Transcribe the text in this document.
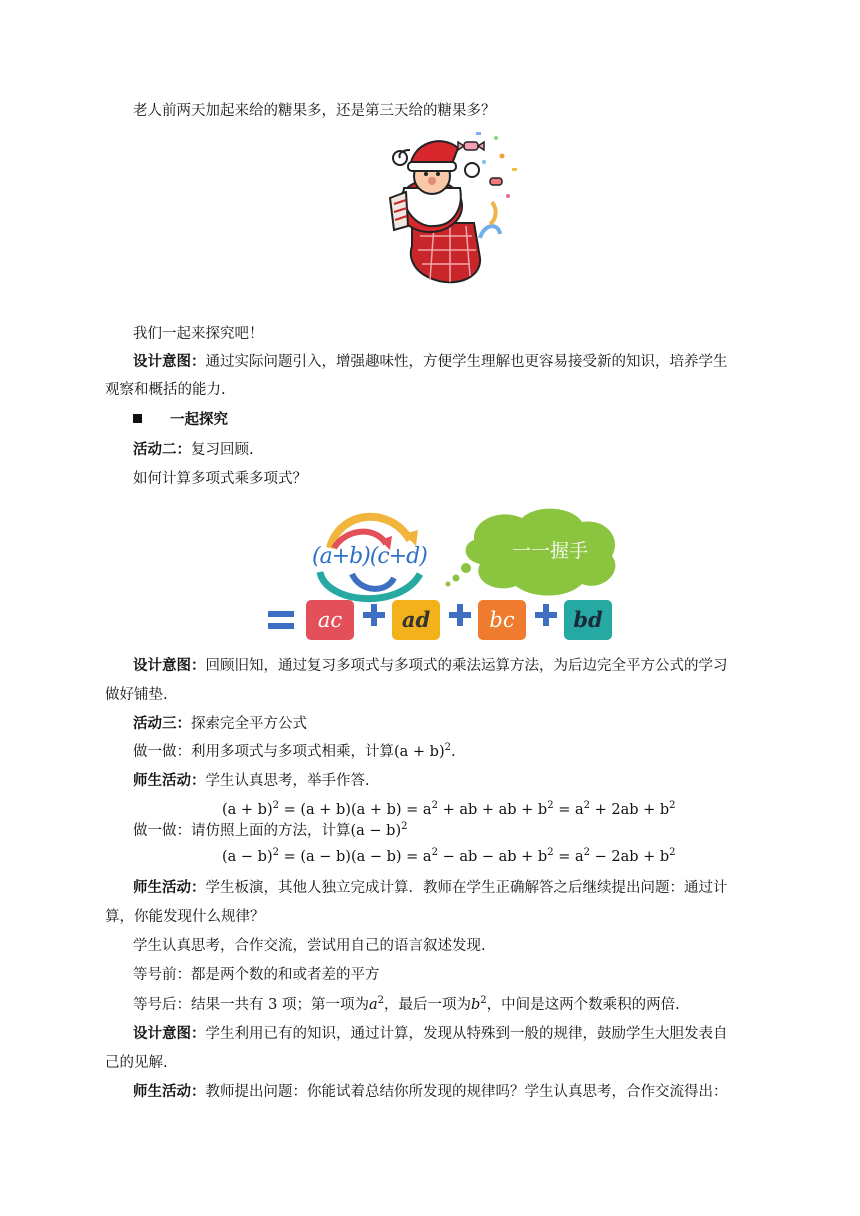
老人前两天加起来给的糖果多，还是第三天给的糖果多？
我们一起来探究吧！
设计意图：通过实际问题引入，增强趣味性，方便学生理解也更容易接受新的知识，培养学生
观察和概括的能力.
一起探究
活动二：复习回顾.
如何计算多项式乘多项式？
(a+b)(c+d)	一一握手
ac	ad	bc	bd
设计意图：回顾旧知，通过复习多项式与多项式的乘法运算方法，为后边完全平方公式的学习
做好铺垫.
活动三：探索完全平方公式
做一做：利用多项式与多项式相乘，计算$(a + b)^2$.
师生活动：学生认真思考，举手作答.
$(a + b)^2 = (a + b)(a + b) = a^2$ + ab + ab + $b^2 = a^2 + 2ab + b^2$
做一做：请仿照上面的方法，计算$(a - b)^2$
$(a - b)^2 = (a - b)(a - b) = a^2$ − ab − ab + $b^2 = a^2 - 2ab + b^2$
师生活动：学生板演，其他人独立完成计算．教师在学生正确解答之后继续提出问题：通过计
算，你能发现什么规律？
学生认真思考，合作交流，尝试用自己的语言叙述发现.
等号前：都是两个数的和或者差的平方
等号后：结果一共有 3 项；第一项为$a^2$，最后一项为$b^2$，中间是这两个数乘积的两倍.
设计意图：学生利用已有的知识，通过计算，发现从特殊到一般的规律，鼓励学生大胆发表自
己的见解.
师生活动：教师提出问题：你能试着总结你所发现的规律吗？学生认真思考，合作交流得出：
